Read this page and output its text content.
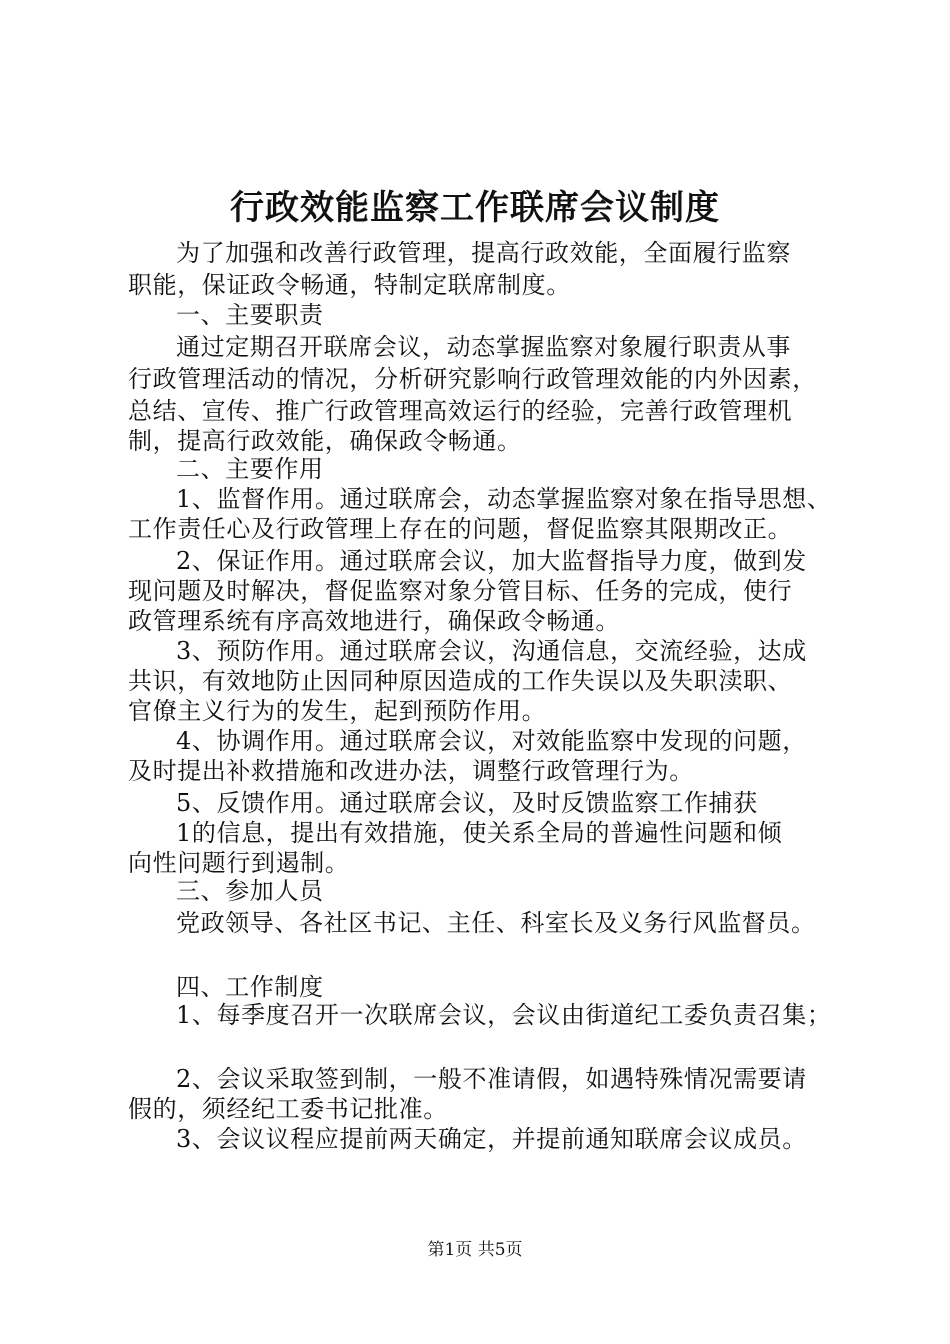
行政效能监察工作联席会议制度
为了加强和改善行政管理，提高行政效能，全面履行监察
职能，保证政令畅通，特制定联席制度。
一、主要职责
通过定期召开联席会议，动态掌握监察对象履行职责从事
行政管理活动的情况，分析研究影响行政管理效能的内外因素，
总结、宣传、推广行政管理高效运行的经验，完善行政管理机
制，提高行政效能，确保政令畅通。
二、主要作用
1、监督作用。通过联席会，动态掌握监察对象在指导思想、
工作责任心及行政管理上存在的问题，督促监察其限期改正。
2、保证作用。通过联席会议，加大监督指导力度，做到发
现问题及时解决，督促监察对象分管目标、任务的完成，使行
政管理系统有序高效地进行，确保政令畅通。
3、预防作用。通过联席会议，沟通信息，交流经验，达成
共识，有效地防止因同种原因造成的工作失误以及失职渎职、
官僚主义行为的发生，起到预防作用。
4、协调作用。通过联席会议，对效能监察中发现的问题，
及时提出补救措施和改进办法，调整行政管理行为。
5、反馈作用。通过联席会议，及时反馈监察工作捕获
1的信息，提出有效措施，使关系全局的普遍性问题和倾
向性问题行到遏制。
三、参加人员
党政领导、各社区书记、主任、科室长及义务行风监督员。
四、工作制度
1、每季度召开一次联席会议，会议由街道纪工委负责召集；
2、会议采取签到制，一般不准请假，如遇特殊情况需要请
假的，须经纪工委书记批准。
3、会议议程应提前两天确定，并提前通知联席会议成员。
第1页 共5页
